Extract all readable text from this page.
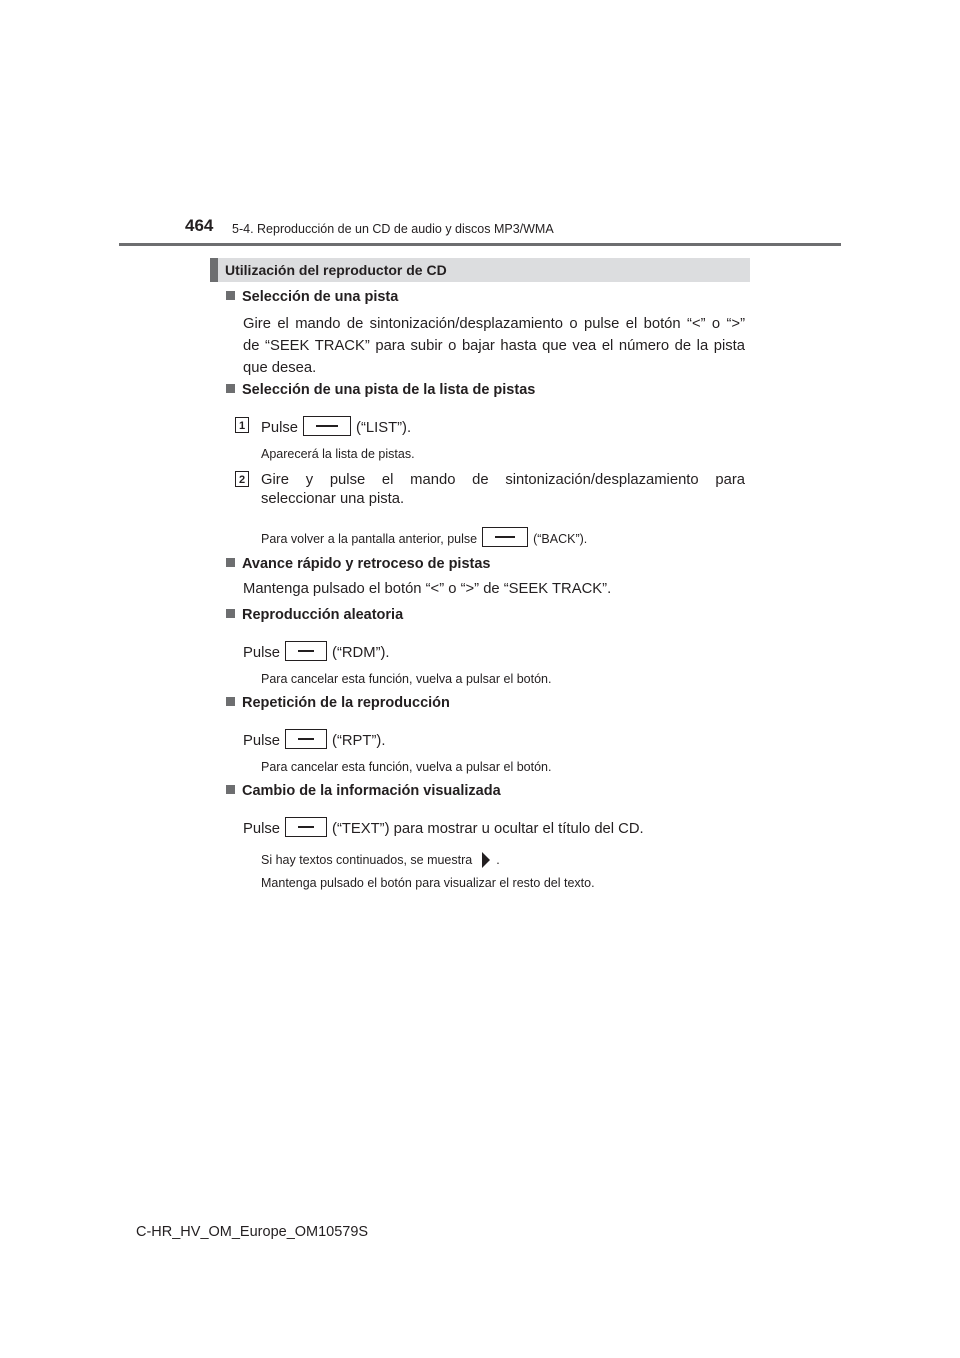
464 5-4. Reproducción de un CD de audio y discos MP3/WMA
Utilización del reproductor de CD
Selección de una pista
Gire el mando de sintonización/desplazamiento o pulse el botón “<” o “>”
de “SEEK TRACK” para subir o bajar hasta que vea el número de la pista
que desea.
Selección de una pista de la lista de pistas
1 Pulse	(“LIST”).
Aparecerá la lista de pistas.
2 Gire y pulse el mando de sintonización/desplazamiento para
seleccionar una pista.
Para volver a la pantalla anterior, pulse	(“BACK”).
Avance rápido y retroceso de pistas
Mantenga pulsado el botón “<” o “>” de “SEEK TRACK”.
Reproducción aleatoria
Pulse	(“RDM”).
Para cancelar esta función, vuelva a pulsar el botón.
Repetición de la reproducción
Pulse	(“RPT”).
Para cancelar esta función, vuelva a pulsar el botón.
Cambio de la información visualizada
Pulse	(“TEXT”) para mostrar u ocultar el título del CD.
Si hay textos continuados, se muestra .
Mantenga pulsado el botón para visualizar el resto del texto.
C-HR_HV_OM_Europe_OM10579S
